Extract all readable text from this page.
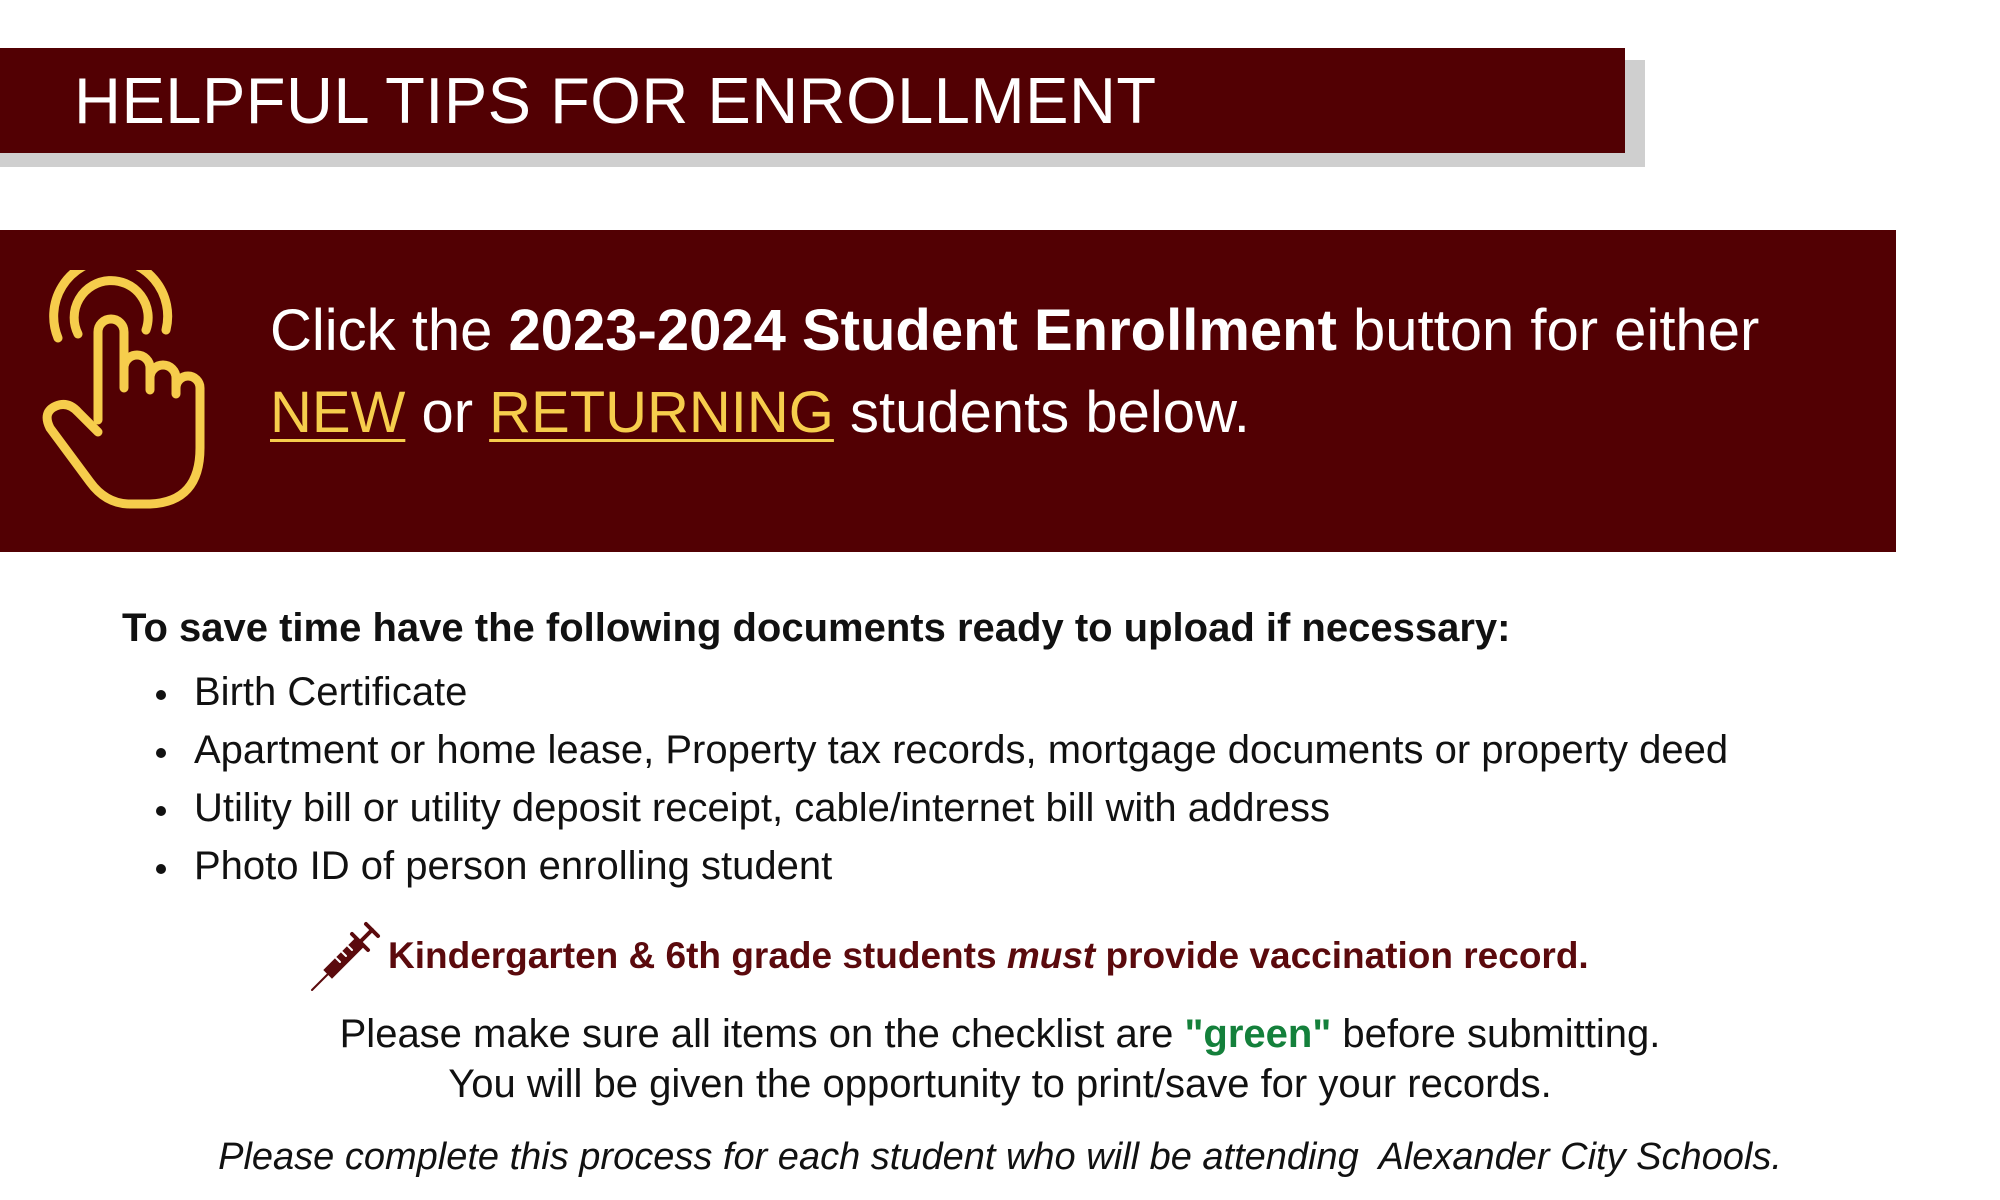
HELPFUL TIPS FOR ENROLLMENT
Click the 2023-2024 Student Enrollment button for either
NEW or RETURNING students below.
To save time have the following documents ready to upload if necessary:
Birth Certificate
Apartment or home lease, Property tax records, mortgage documents or property deed
Utility bill or utility deposit receipt, cable/internet bill with address
Photo ID of person enrolling student
Kindergarten & 6th grade students must provide vaccination record.
Please make sure all items on the checklist are "green" before submitting.
You will be given the opportunity to print/save for your records.
Please complete this process for each student who will be attending  Alexander City Schools.
